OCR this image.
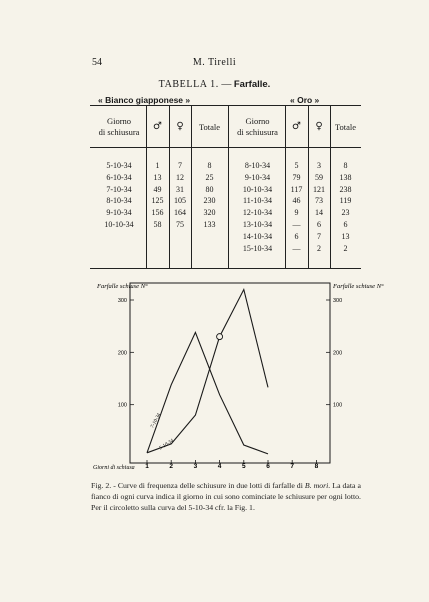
54	M. Tirelli
TABELLA 1. — Farfalle.
« Bianco giapponese »	« Oro »
Giorno
di schiusura	♂	♀	Totale
Giorno
di schiusura	♂	♀	Totale
5-10-34	1	7	8
6-10-34	13	12	25
7-10-34	49	31	80
8-10-34	125	105	230
9-10-34	156	164	320
10-10-34	58	75	133
8-10-34	5	3	8
9-10-34	79	59	138
10-10-34	117	121	238
11-10-34	46	73	119
12-10-34	9	14	23
13-10-34	—	6	6
14-10-34	6	7	13
15-10-34	—	2	2
1	2	3	4	5	6	7	8
100	100
200	200
300	300
7-10-34
5-10-34
Farfalle schiuse N°	Farfalle schiuse N°
Giorni di schiusa
Fig. 2. - Curve di frequenza delle schiusure in due lotti di farfalle di B. mori. La data a fianco di ogni curva indica il giorno in cui sono cominciate le schiusure per ogni lotto. Per il circoletto sulla curva del 5-10-34 cfr. la Fig. 1.
